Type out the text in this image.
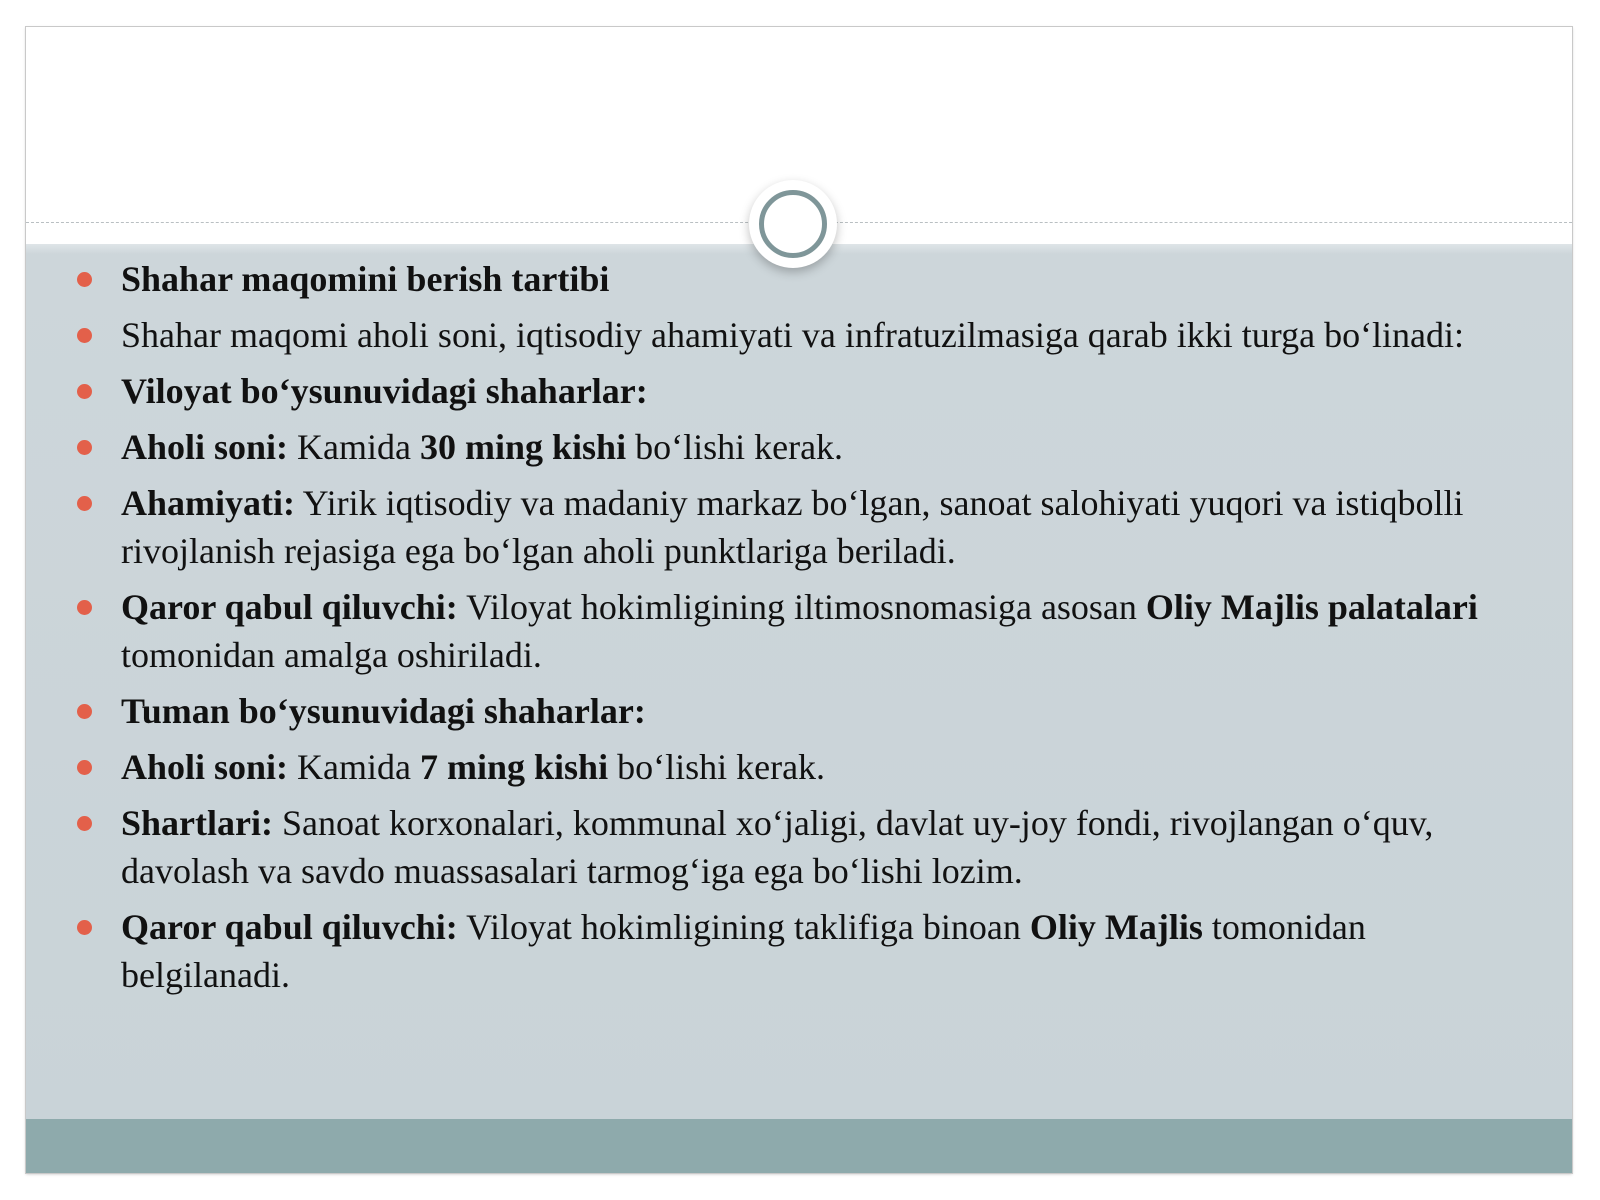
Shahar maqomini berish tartibi
Shahar maqomi aholi soni, iqtisodiy ahamiyati va infratuzilmasiga qarab ikki turga bo‘linadi:
Viloyat bo‘ysunuvidagi shaharlar:
Aholi soni: Kamida 30 ming kishi bo‘lishi kerak.
Ahamiyati: Yirik iqtisodiy va madaniy markaz bo‘lgan, sanoat salohiyati yuqori va istiqbolli rivojlanish rejasiga ega bo‘lgan aholi punktlariga beriladi.
Qaror qabul qiluvchi: Viloyat hokimligining iltimosnomasiga asosan Oliy Majlis palatalari tomonidan amalga oshiriladi.
Tuman bo‘ysunuvidagi shaharlar:
Aholi soni: Kamida 7 ming kishi bo‘lishi kerak.
Shartlari: Sanoat korxonalari, kommunal xo‘jaligi, davlat uy-joy fondi, rivojlangan o‘quv, davolash va savdo muassasalari tarmog‘iga ega bo‘lishi lozim.
Qaror qabul qiluvchi: Viloyat hokimligining taklifiga binoan Oliy Majlis tomonidan belgilanadi.
